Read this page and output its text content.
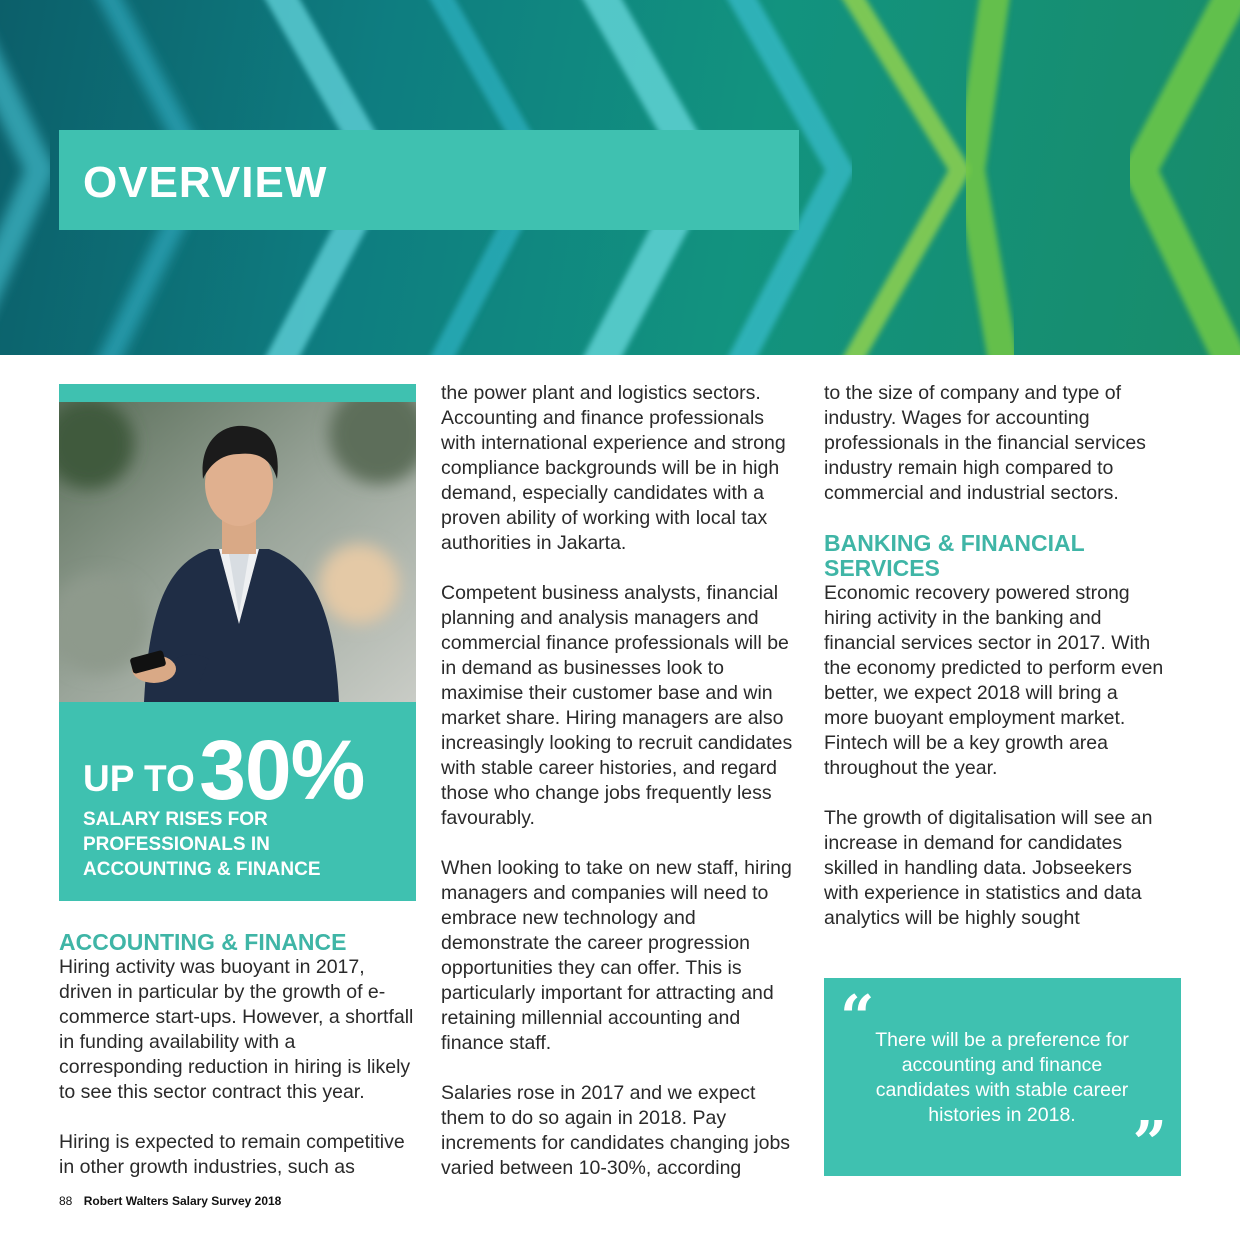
OVERVIEW
UP TO 30%
SALARY RISES FOR
PROFESSIONALS IN
ACCOUNTING & FINANCE
ACCOUNTING & FINANCE

Hiring activity was buoyant in 2017, driven in particular by the growth of e-commerce start-ups. However, a shortfall in funding availability with a corresponding reduction in hiring is likely to see this sector contract this year.

Hiring is expected to remain competitive in other growth industries, such as

the power plant and logistics sectors. Accounting and finance professionals with international experience and strong compliance backgrounds will be in high demand, especially candidates with a proven ability of working with local tax authorities in Jakarta.

Competent business analysts, financial planning and analysis managers and commercial finance professionals will be in demand as businesses look to maximise their customer base and win market share. Hiring managers are also increasingly looking to recruit candidates with stable career histories, and regard those who change jobs frequently less favourably.

When looking to take on new staff, hiring managers and companies will need to embrace new technology and demonstrate the career progression opportunities they can offer. This is particularly important for attracting and retaining millennial accounting and finance staff.

Salaries rose in 2017 and we expect them to do so again in 2018. Pay increments for candidates changing jobs varied between 10-30%, according

to the size of company and type of industry. Wages for accounting professionals in the financial services industry remain high compared to commercial and industrial sectors.

BANKING & FINANCIAL SERVICES

Economic recovery powered strong hiring activity in the banking and financial services sector in 2017. With the economy predicted to perform even better, we expect 2018 will bring a more buoyant employment market. Fintech will be a key growth area throughout the year.

The growth of digitalisation will see an increase in demand for candidates skilled in handling data. Jobseekers with experience in statistics and data analytics will be highly sought

“ There will be a preference for accounting and finance candidates with stable career histories in 2018. ”
88 Robert Walters Salary Survey 2018
